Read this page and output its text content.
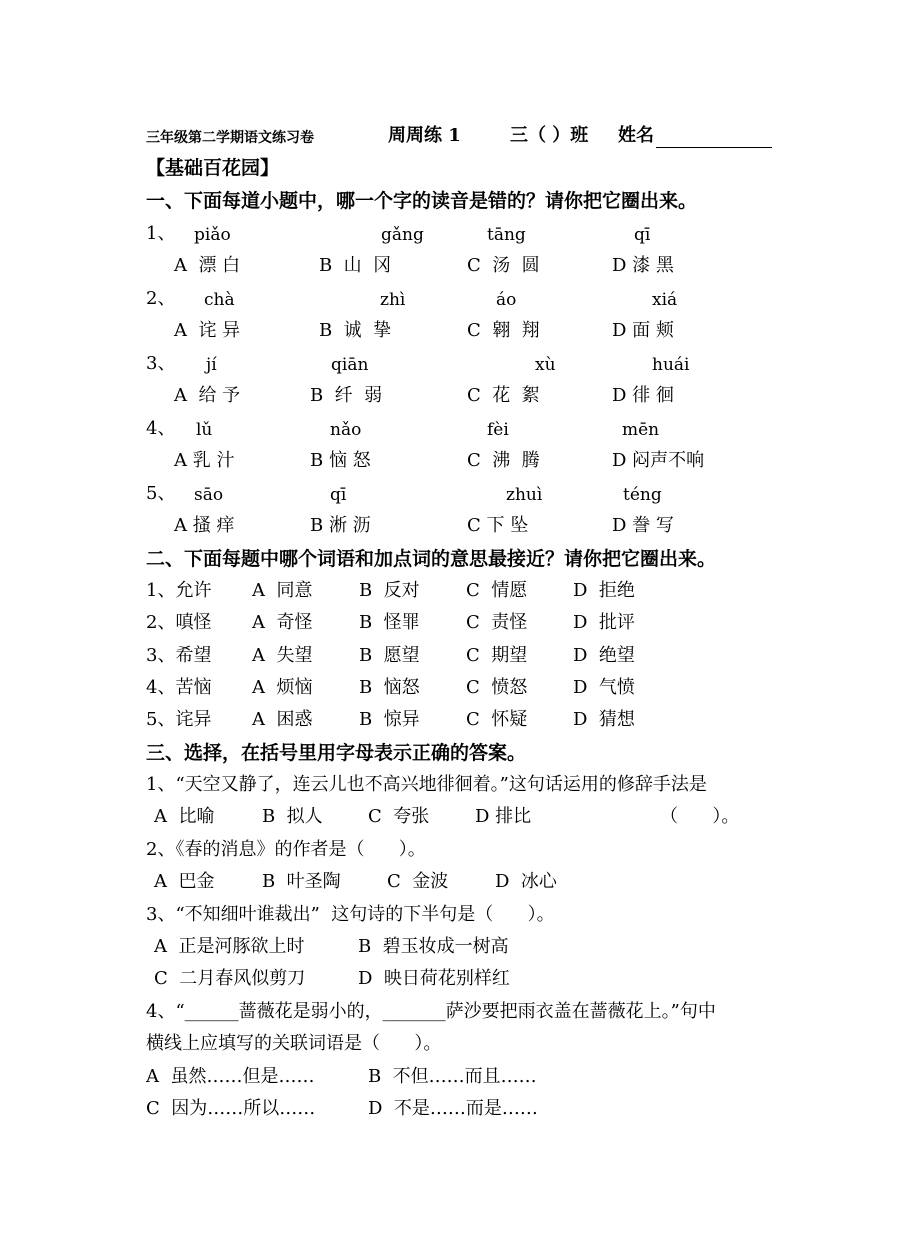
三年级第二学期语文练习卷	周周练 1	三（ ）班 姓名
【基础百花园】
一、下面每道小题中，哪一个字的读音是错的？请你把它圈出来。
1、 piǎo	gǎng	tāng	qī
A  漂 白	B  山  冈	C  汤  圆	D 漆 黑
2、 chà	zhì	áo	xiá
A  诧 异	B  诚  挚	C  翱  翔	D 面 颊
3、 jí	qiān	xù	huái
A  给 予	B  纤  弱	C  花  絮	D 徘 徊
4、 lǔ	nǎo	fèi	mēn
A 乳 汁	B 恼 怒	C  沸  腾	D 闷声不响
5、 sāo	qī	zhuì	téng
A 搔 痒	B 淅 沥	C 下 坠	D 誊 写
二、下面每题中哪个词语和加点词的意思最接近？请你把它圈出来。
1、允许 A  同意	B  反对	C  情愿	D  拒绝
2、嗔怪 A  奇怪	B  怪罪	C  责怪	D  批评
3、希望 A  失望	B  愿望	C  期望	D  绝望
4、苦恼 A  烦恼	B  恼怒	C  愤怒	D  气愤
5、诧异 A  困惑	B  惊异	C  怀疑	D  猜想
三、选择，在括号里用字母表示正确的答案。
1、“天空又静了，连云儿也不高兴地徘徊着。”这句话运用的修辞手法是
A  比喻	B  拟人	C  夸张	D 排比	（      ）。
2、《春的消息》的作者是（      ）。
A  巴金	B  叶圣陶	C  金波	D  冰心
3、“不知细叶谁裁出”  这句诗的下半句是（      ）。
A  正是河豚欲上时	B  碧玉妆成一树高
C  二月春风似剪刀	D  映日荷花别样红
4、“______蔷薇花是弱小的，_______萨沙要把雨衣盖在蔷薇花上。”句中
横线上应填写的关联词语是（      ）。
A  虽然……但是……	B  不但……而且……
C  因为……所以……	D  不是……而是……
